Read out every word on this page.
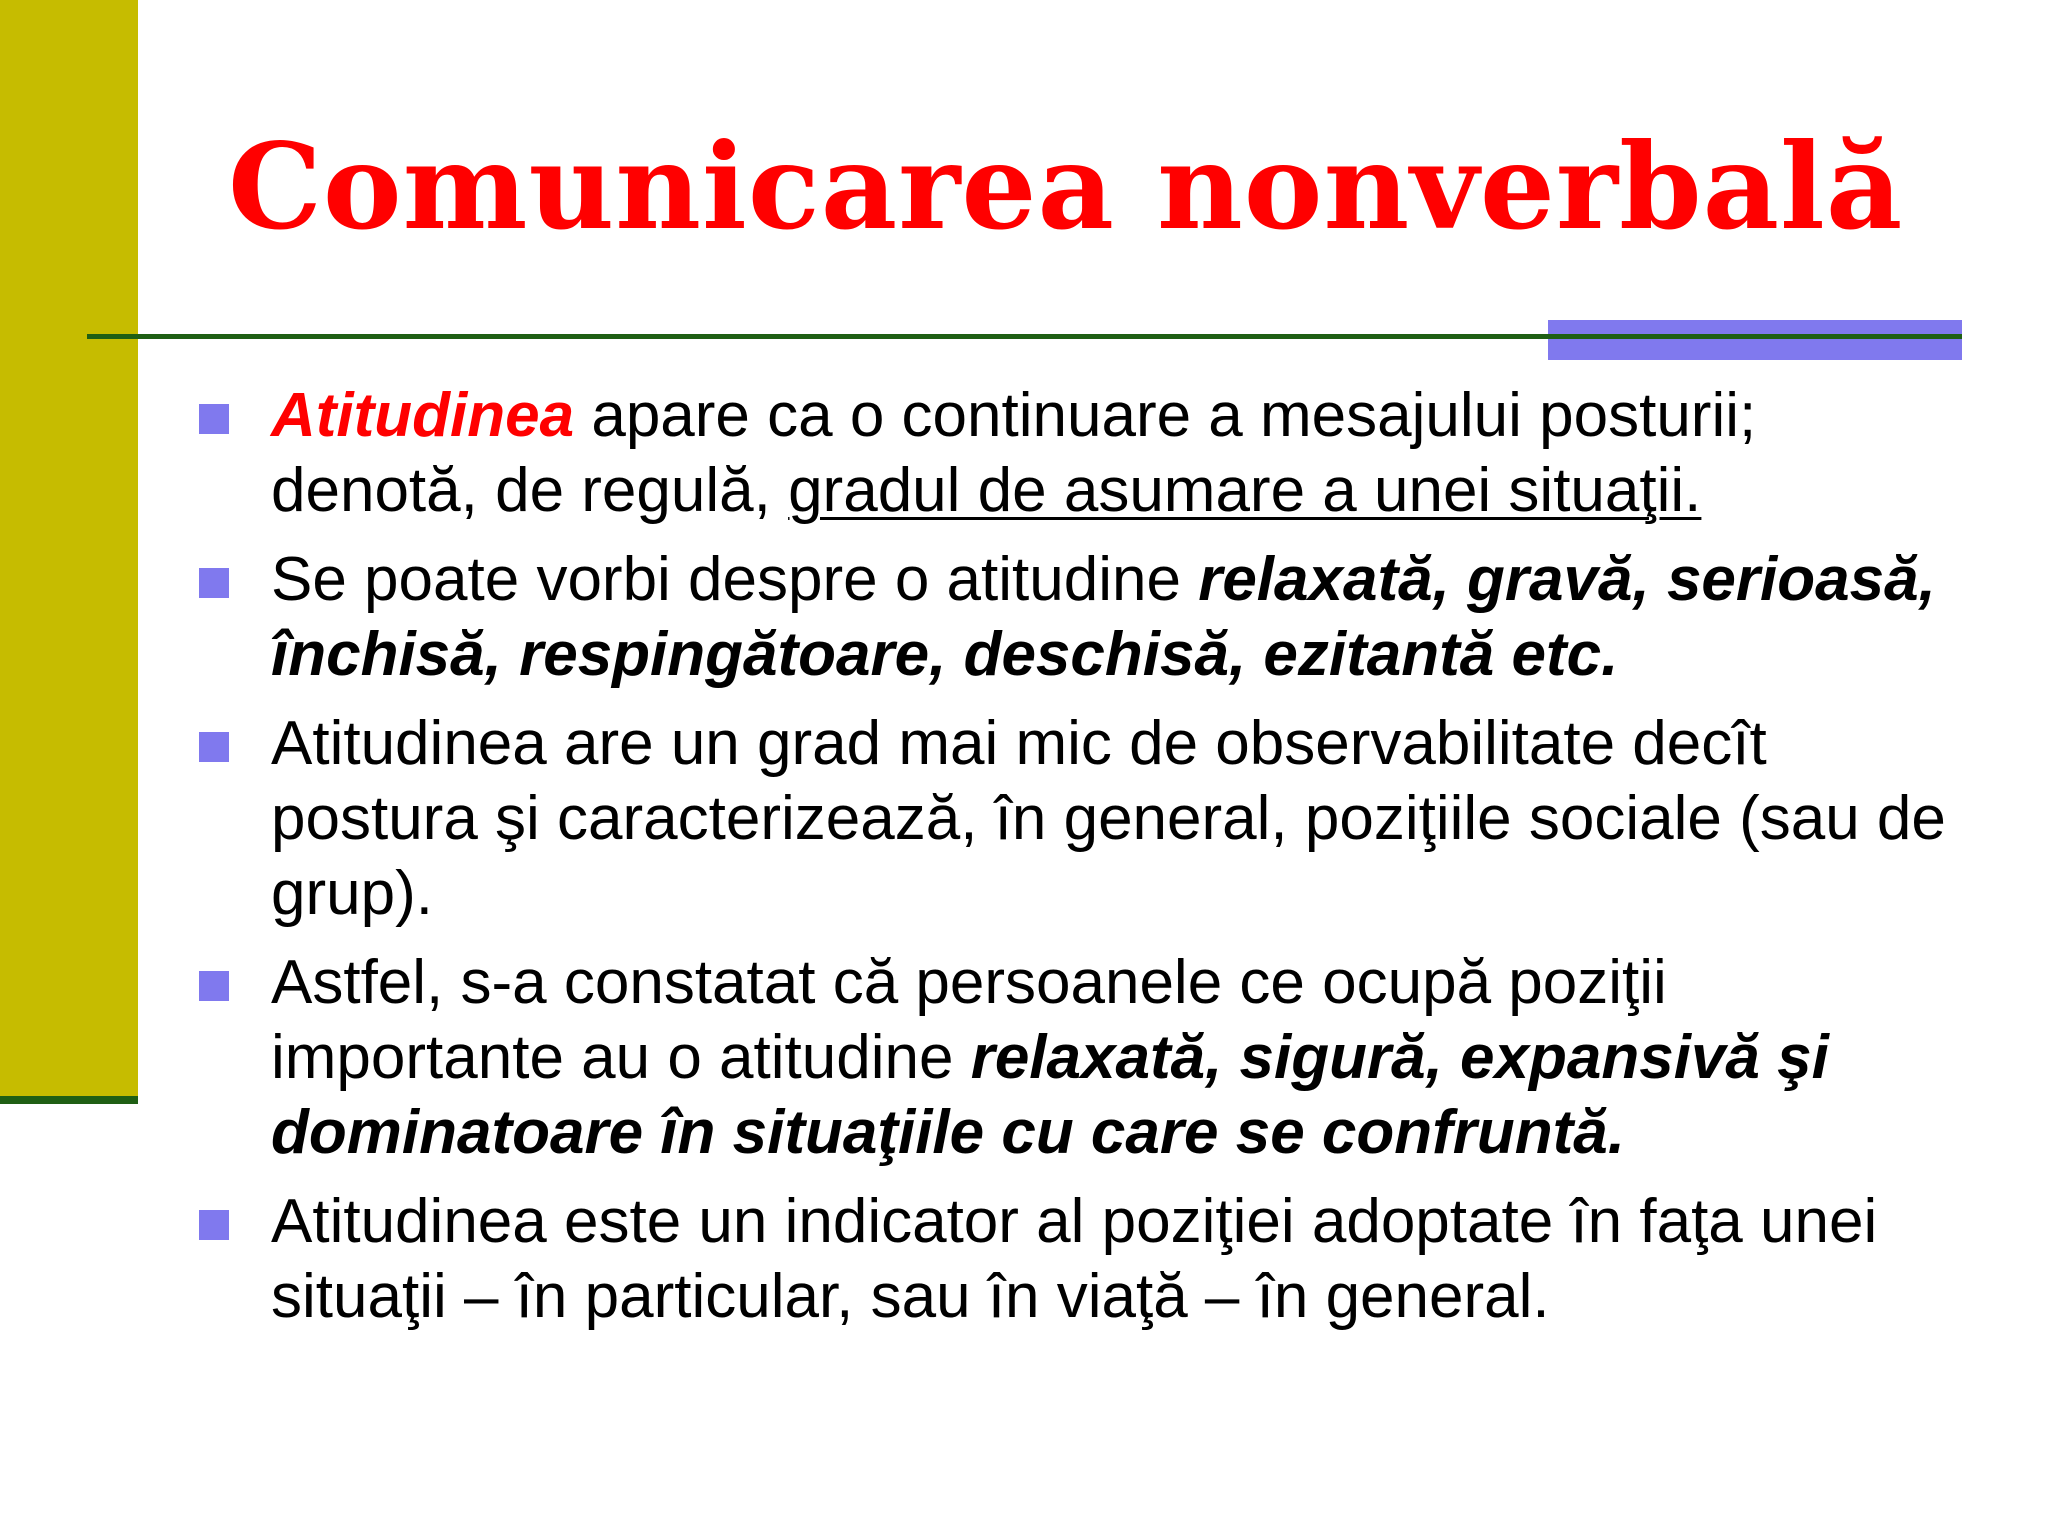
Comunicarea nonverbală
Atitudinea apare ca o continuare a mesajului posturii; denotă, de regulă, gradul de asumare a unei situaţii.
Se poate vorbi despre o atitudine relaxată, gravă, serioasă, închisă, respingătoare, deschisă, ezitantă etc.
Atitudinea are un grad mai mic de observabilitate decît postura şi caracterizează, în general, poziţiile sociale (sau de grup).
Astfel, s-a constatat că persoanele ce ocupă poziţii importante au o atitudine relaxată, sigură, expansivă şi dominatoare în situaţiile cu care se confruntă.
Atitudinea este un indicator al poziţiei adoptate în faţa unei situaţii – în particular, sau în viaţă – în general.
